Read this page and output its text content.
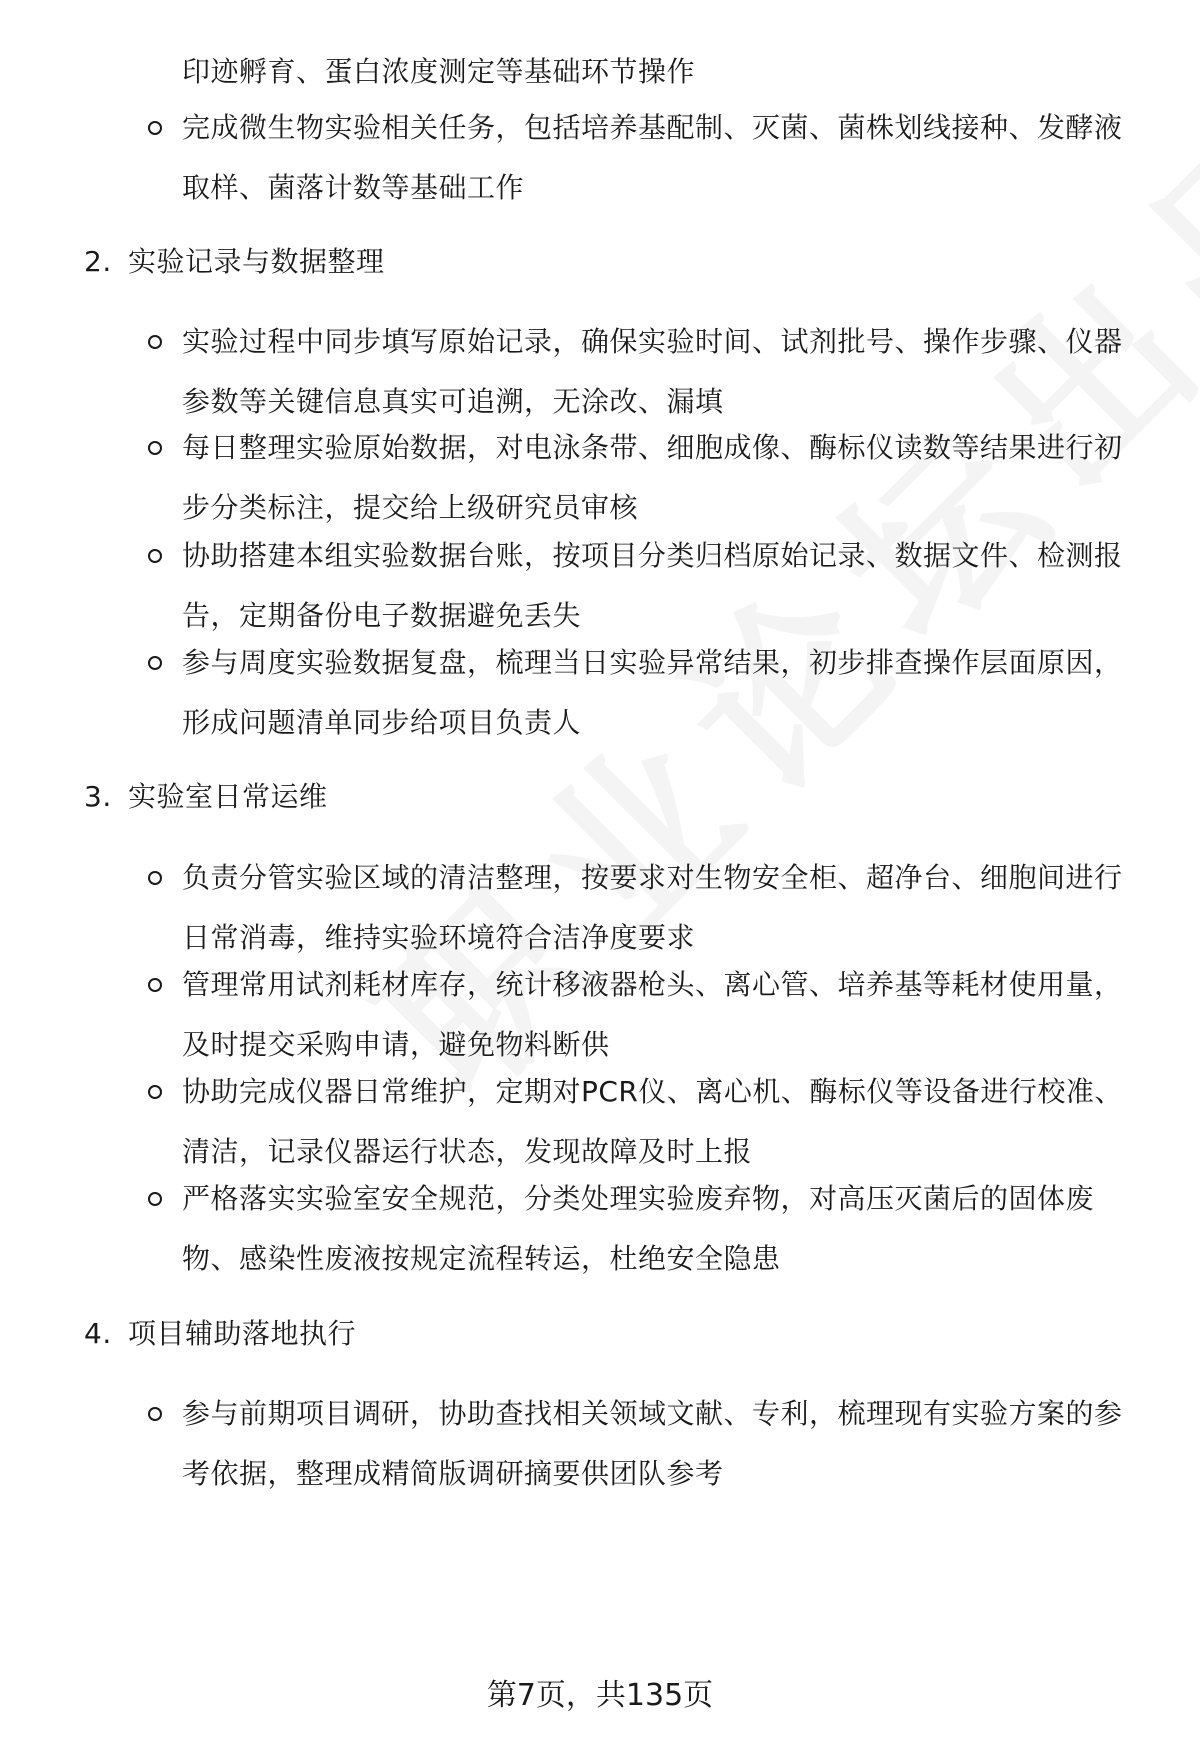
印迹孵育、蛋白浓度测定等基础环节操作
完成微生物实验相关任务，包括培养基配制、灭菌、菌株划线接种、发酵液取样、菌落计数等基础工作
2. 实验记录与数据整理
实验过程中同步填写原始记录，确保实验时间、试剂批号、操作步骤、仪器参数等关键信息真实可追溯，无涂改、漏填
每日整理实验原始数据，对电泳条带、细胞成像、酶标仪读数等结果进行初步分类标注，提交给上级研究员审核
协助搭建本组实验数据台账，按项目分类归档原始记录、数据文件、检测报告，定期备份电子数据避免丢失
参与周度实验数据复盘，梳理当日实验异常结果，初步排查操作层面原因，形成问题清单同步给项目负责人
3. 实验室日常运维
负责分管实验区域的清洁整理，按要求对生物安全柜、超净台、细胞间进行日常消毒，维持实验环境符合洁净度要求
管理常用试剂耗材库存，统计移液器枪头、离心管、培养基等耗材使用量，及时提交采购申请，避免物料断供
协助完成仪器日常维护，定期对PCR仪、离心机、酶标仪等设备进行校准、清洁，记录仪器运行状态，发现故障及时上报
严格落实实验室安全规范，分类处理实验废弃物，对高压灭菌后的固体废物、感染性废液按规定流程转运，杜绝安全隐患
4. 项目辅助落地执行
参与前期项目调研，协助查找相关领域文献、专利，梳理现有实验方案的参考依据，整理成精简版调研摘要供团队参考
第7页，共135页
